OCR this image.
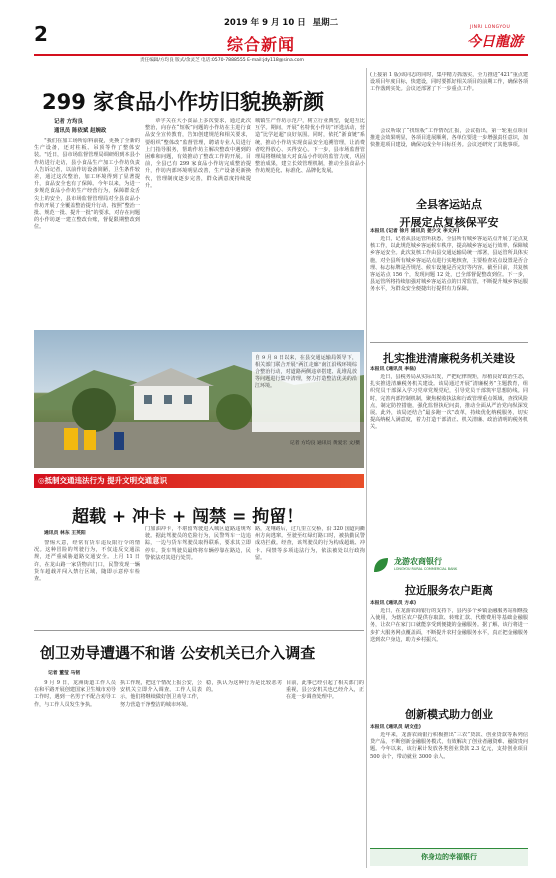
2019 年 9 月 10 日 星期二
2	综合新闻
JINRI LONGYOU
今日龍游
责任编辑/方均良 版式/余灵芝 电话:0570-7888555 E-mail:jdy118@sina.com
299 家食品小作坊旧貌换新颜
记者 方均良
通讯员 陈依斌 赵婉政
"我们在加工场所原料前提，更换了全新的生产设备，还对柱板、吊顶等作了整体安装。"近日，县市场监督管理局调研组到本县小作坊进行走访，县小食品生产加工小作坊负责人告诉记者，以前作坊设备简陋，卫生条件较差，通过这次整治，加工环境得到了显著提升，食品安全也有了保障。今年以来，为进一步规范食品小作坊生产经营行为，保障群众舌尖上的安全，县市场监督管理局对全县食品小作坊开展了全覆盖整治提升行动，按照“整治一批、规范一批、提升一批”的要求，对存在问题的小作坊逐一建立整改台账，督促限期整改到位。
章字关在大小食品上多次要求，通过此次整治，向存在“短板”问题的小作坊在主进行食品安全宣传教育，告知创建规范和相关要求，要组织“整体改”监督管理，聘请专业人员进行上门指导服务，帮助作坊主解决整改中遇到的困难和问题，有效推动了整改工作的开展。目前，全县已有 299 家食品小作坊完成整治提升，作坊内部环境明显改善，生产设备更新换代，管理制度逐步完善，群众满意度持续提升。
城镇生产作坊示范户，树立行业典型，促进互比互学。期间，开展“名特优小作坊”评选活动，营造“比学赶超”良好氛围。同时，依托“浙食链”系统，推动小作坊实现食品安全追溯管理，让消费者吃得放心、买得安心。下一步，县市场监督管理局将继续加大对食品小作坊的监管力度，巩固整治成果，建立长效管理机制，推动全县食品小作坊规范化、标准化、品牌化发展。
自 9 月 8 日以来，在县交通运输局领导下，相关部门联合开展“两江走廊”南江沿线环境综合整治行动，对道路两侧违章搭建、乱堆乱放等问题进行集中清理，努力打造整洁优美的沿江环境。
记者 方均良 通讯员 黄爱宏 文/摄
(上接第 1 版)该同志的同时，集中精力抓落实，全力推进“421”重点建设项目年度目标，快建设，同时要抓好相关项目的前期工作，确保各项工作落到实处。会议还部署了下一步重点工作。
会议听取了“找短板”工作情况汇报，会议指出，第一轮重点项目推进会效果明显，各项目进展顺利，各单位要进一步增强责任意识，加快推进项目建设，确保完成全年目标任务。会议还研究了其他事项。
全县客运站点
开展定点复核保平安
本报讯 (记者 徐月 通讯员 姜少文 李文卉)
近日，记者从县运管所获悉，全县所有城乡客运站点开展了定点复核工作，以此规范城乡客运候车秩序，提高城乡客运运行效率，保障城乡客运安全。此次复核工作由县交通运输局统一部署，县运管所具体实施，对全县所有城乡客运站点进行实地核查，主要检查站点设置是否合理、标志标牌是否规范、候车设施是否完好等内容。截至目前，共复核客运站点 156 个，发现问题 12 处，已全部督促整改到位。下一步，县运管所将持续加强对城乡客运站点的日常监管，不断提升城乡客运服务水平，为群众安全便捷出行提供有力保障。
扎实推进清廉税务机关建设
本报讯 (通讯员 李翁)
近日，县税务局从实际出发，严把纪律规矩，厚植良好政治生态，扎实推进清廉税务机关建设。该局通过开展“清廉税务”主题教育，组织党员干部深入学习党章党规党纪，引导党员干部筑牢思想防线。同时，完善内部控制机制，聚焦税收执法和行政管理重点领域，查找风险点，制定防控措施，强化监督执纪问责，推动全面从严治党向纵深发展。此外，该局还结合“最多跑一次”改革，持续优化纳税服务，切实提高纳税人满意度，着力打造干部清正、机关清廉、政治清明的税务机关。
龙游农商银行
LONGYOU RURAL COMMERCIAL BANK
拉近服务农户距离
本报讯 (通讯员 方卓)
近日，在龙游农商银行的支持下，县内多个乡镇金融服务站相继投入使用，为辖区农户提供存取款、转账汇款、代缴费用等基础金融服务，让农户在家门口就能享受到便捷的金融服务。据了解，该行将进一步扩大服务网点覆盖面，不断提升农村金融服务水平，真正把金融服务送到农户身边，助力乡村振兴。
创新模式助力创业
本报讯 (通讯员 胡文佳)
近年来，龙游农商银行积极推出“三农”贷款、创业贷款等系列信贷产品，不断创新金融服务模式，有效解决了创业者融资难、融资贵问题。今年以来，该行累计发放各类创业贷款 2.3 亿元，支持创业项目 500 余个，带动就业 3000 余人。
你身边的幸福银行
◎抵制交通违法行为 提升文明交通意识
超载 + 冲卡 + 闯禁 = 拘留！
通讯员 林东 王英阳
警惕大意，经常有货车违反限行令的情况。这种冒险的驾驶行为，不仅违反交通法规，还严重威胁道路交通安全。上月 11 日许，在龙山路一家货物店门口，民警发现一辆货车超载并闯入禁行区域，随即示意停车检查。
门加油冲卡，不堪留驾驶进入城区道路违规驾驶。据此驾驶员的危险行为，民警驾车一边追踪，一边与货车驾驶员取得联系，要求其立即停车。货车驾驶员最终将车辆停靠在路边，民警依法对其进行处罚。
路，龙翔路后，过九里立交桥，沿 320 国道向衢州方向逃窜。至驶至红绿灯路口时，被执勤民警成功拦截。经查，该驾驶员的行为构成超载、冲卡、闯禁等多项违法行为，依法被处以行政拘留。
创卫劝导遭遇不和谐 公安机关已介入调查
记者 董莹 马韧
9 月 9 日，龙洲街道工作人员在和平路开展创建国家卫生城市劝导工作时，遇到一名男子不配合劝导工作，与工作人员发生争执。
执工作现，把这个情况上报公安，公安机关立即介入调查。工作人员表示，他们将继续做好创卫劝导工作，努力营造干净整洁的城市环境。
稳，执认为这种行为是比较恶劣的。
目前，此事已经引起了相关部门的重视，县公安机关也已经介入，正在进一步调查处理中。
